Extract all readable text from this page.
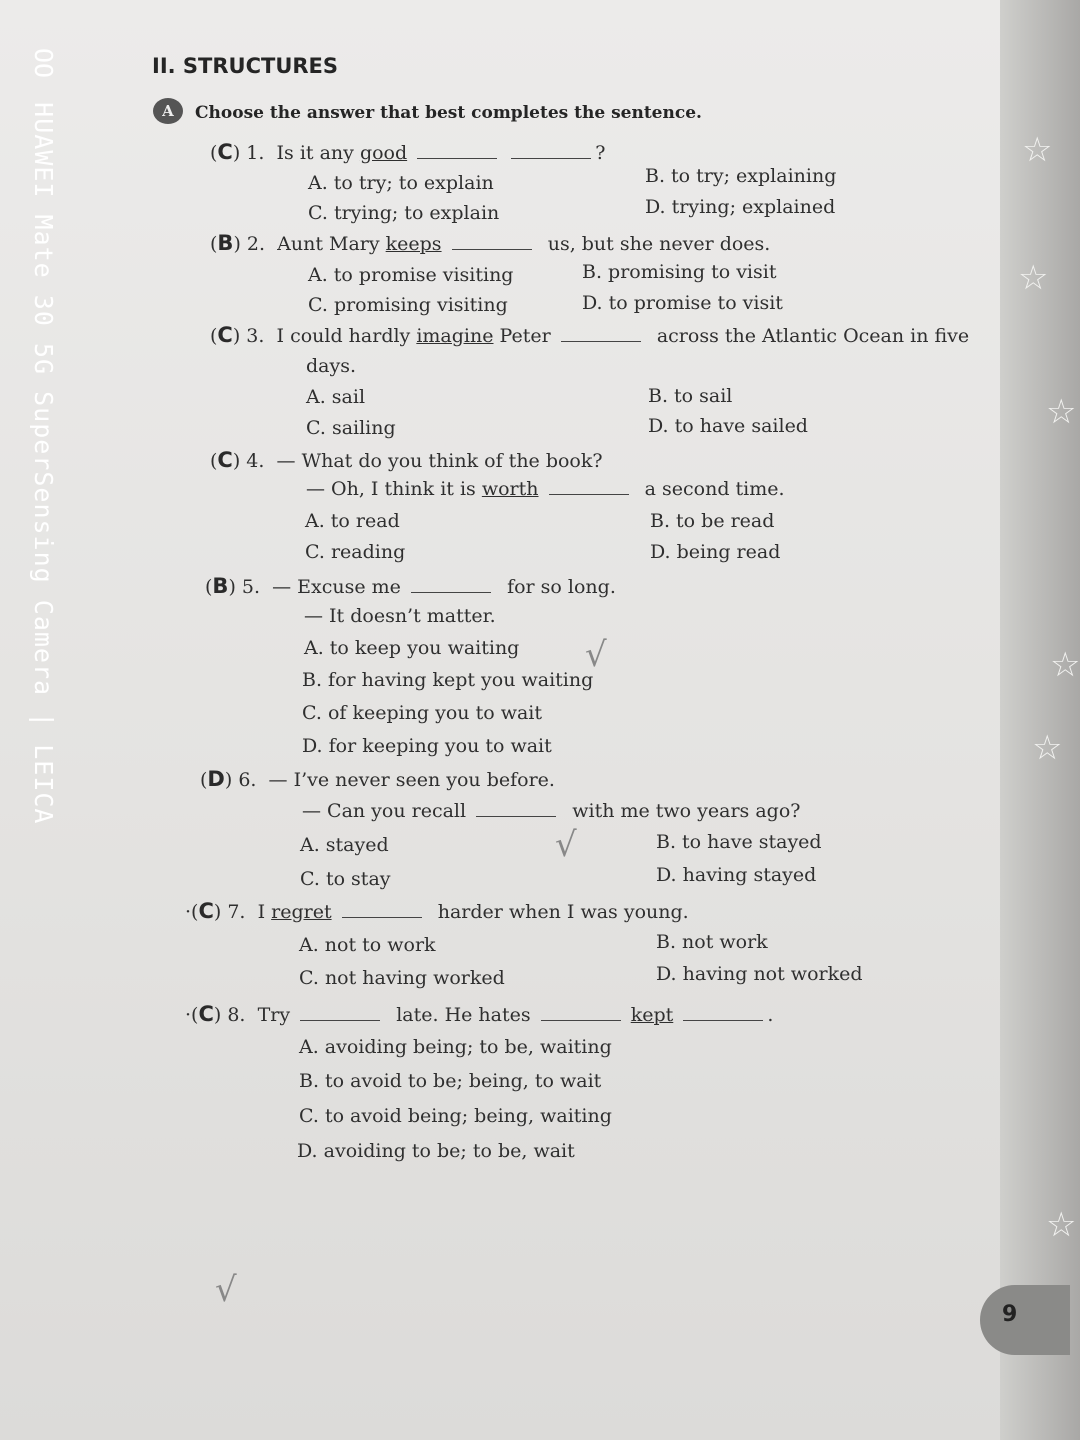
☆
☆
☆
☆
☆
☆
9
OO HUAWEI Mate 30 5G SuperSensing Camera | LEICA
II. STRUCTURES
A	Choose the answer that best completes the sentence.
(C) 1. Is it any good	?
A. to try; to explain	B. to try; explaining
C. trying; to explain	D. trying; explained
(B) 2. Aunt Mary keeps	us, but she never does.
A. to promise visiting	B. promising to visit
C. promising visiting	D. to promise to visit
(C) 3. I could hardly imagine Peter	across the Atlantic Ocean in five
days.
A. sail	B. to sail
C. sailing	D. to have sailed
(C) 4. — What do you think of the book?
— Oh, I think it is worth	a second time.
A. to read	B. to be read
C. reading	D. being read
(B) 5. — Excuse me	for so long.
— It doesn’t matter.
A. to keep you waiting
B. for having kept you waiting
C. of keeping you to wait
D. for keeping you to wait
(D) 6. — I’ve never seen you before.
— Can you recall	with me two years ago?
A. stayed	B. to have stayed
C. to stay	D. having stayed
·(C) 7. I regret	harder when I was young.
A. not to work	B. not work
C. not having worked	D. having not worked
·(C) 8. Try	late. He hates	kept	.
A. avoiding being; to be, waiting
B. to avoid to be; being, to wait
C. to avoid being; being, waiting
D. avoiding to be; to be, wait
√
√
√
